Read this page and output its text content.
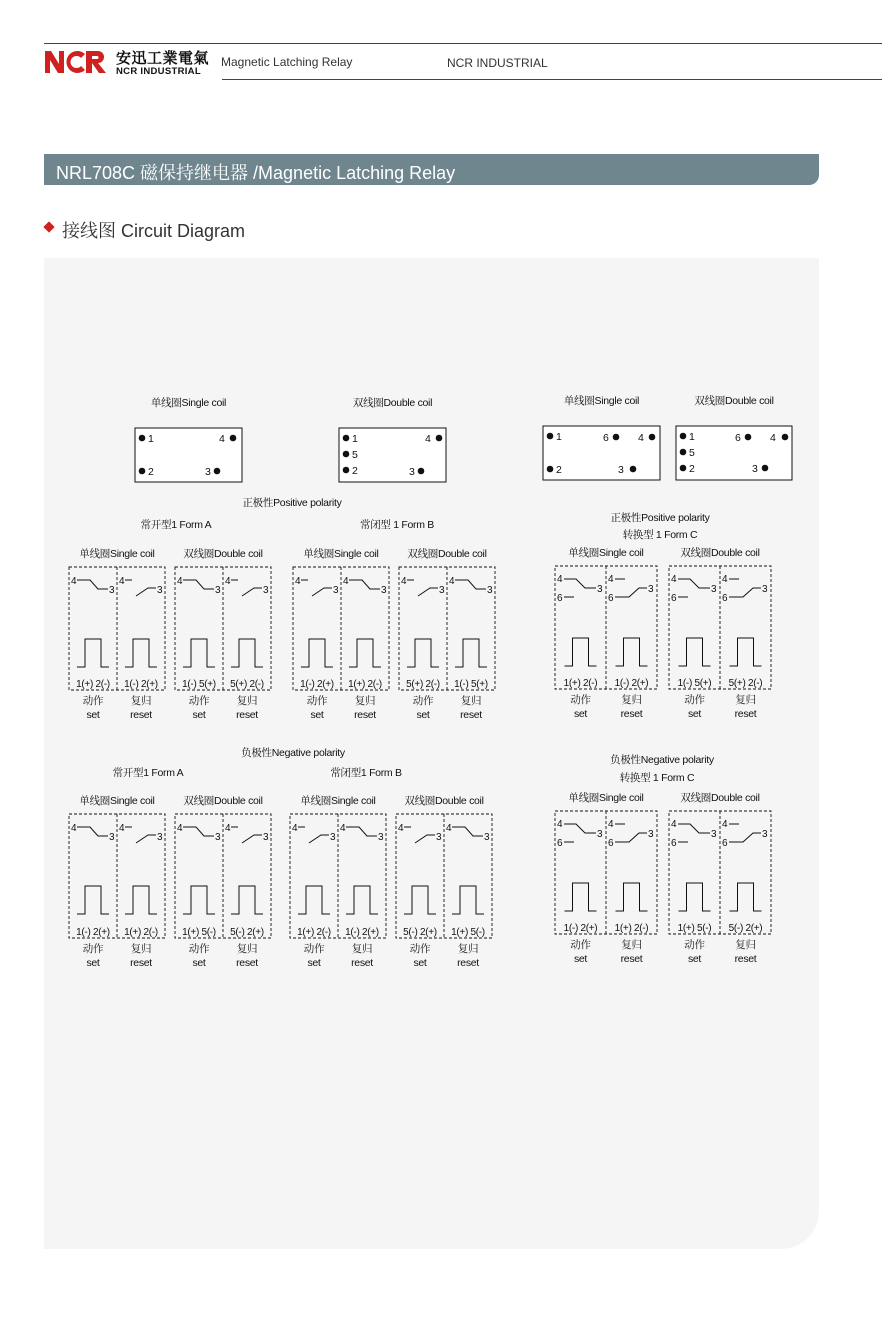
安迅工業電氣
NCR INDUSTRIAL
Magnetic Latching Relay	NCR INDUSTRIAL
NRL708C 磁保持继电器 /Magnetic Latching Relay
接线图 Circuit Diagram
单线圈Single coil
1	4
2	3
双线圈Double coil
1	4
5
2	3
单线圈Single coil
1	6	4
2	3
双线圈Double coil
1	6	4
5
2	3
正极性Positive polarity
常开型1 Form A	常闭型 1 Form B
单线圈Single coil
4
3
1(+) 2(-)
动作
set
4
3
1(-) 2(+)
复归
reset
双线圈Double coil
4
3
1(-) 5(+)
动作
set
4
3
5(+) 2(-)
复归
reset
单线圈Single coil
4
3
1(-) 2(+)
动作
set
4
3
1(+) 2(-)
复归
reset
双线圈Double coil
4
3
5(+) 2(-)
动作
set
4
3
1(-) 5(+)
复归
reset
正极性Positive polarity
转换型 1 Form C
单线圈Single coil
4
6
3
1(+) 2(-)
动作
set
4
6
3
1(-) 2(+)
复归
reset
双线圈Double coil
4
6
3
1(-) 5(+)
动作
set
4
6
3
5(+) 2(-)
复归
reset
负极性Negative polarity
常开型1 Form A	常闭型1 Form B
单线圈Single coil
4
3
1(-) 2(+)
动作
set
4
3
1(+) 2(-)
复归
reset
双线圈Double coil
4
3
1(+) 5(-)
动作
set
4
3
5(-) 2(+)
复归
reset
单线圈Single coil
4
3
1(+) 2(-)
动作
set
4
3
1(-) 2(+)
复归
reset
双线圈Double coil
4
3
5(-) 2(+)
动作
set
4
3
1(+) 5(-)
复归
reset
负极性Negative polarity
转换型 1 Form C
单线圈Single coil
4
6
3
1(-) 2(+)
动作
set
4
6
3
1(+) 2(-)
复归
reset
双线圈Double coil
4
6
3
1(+) 5(-)
动作
set
4
6
3
5(-) 2(+)
复归
reset
